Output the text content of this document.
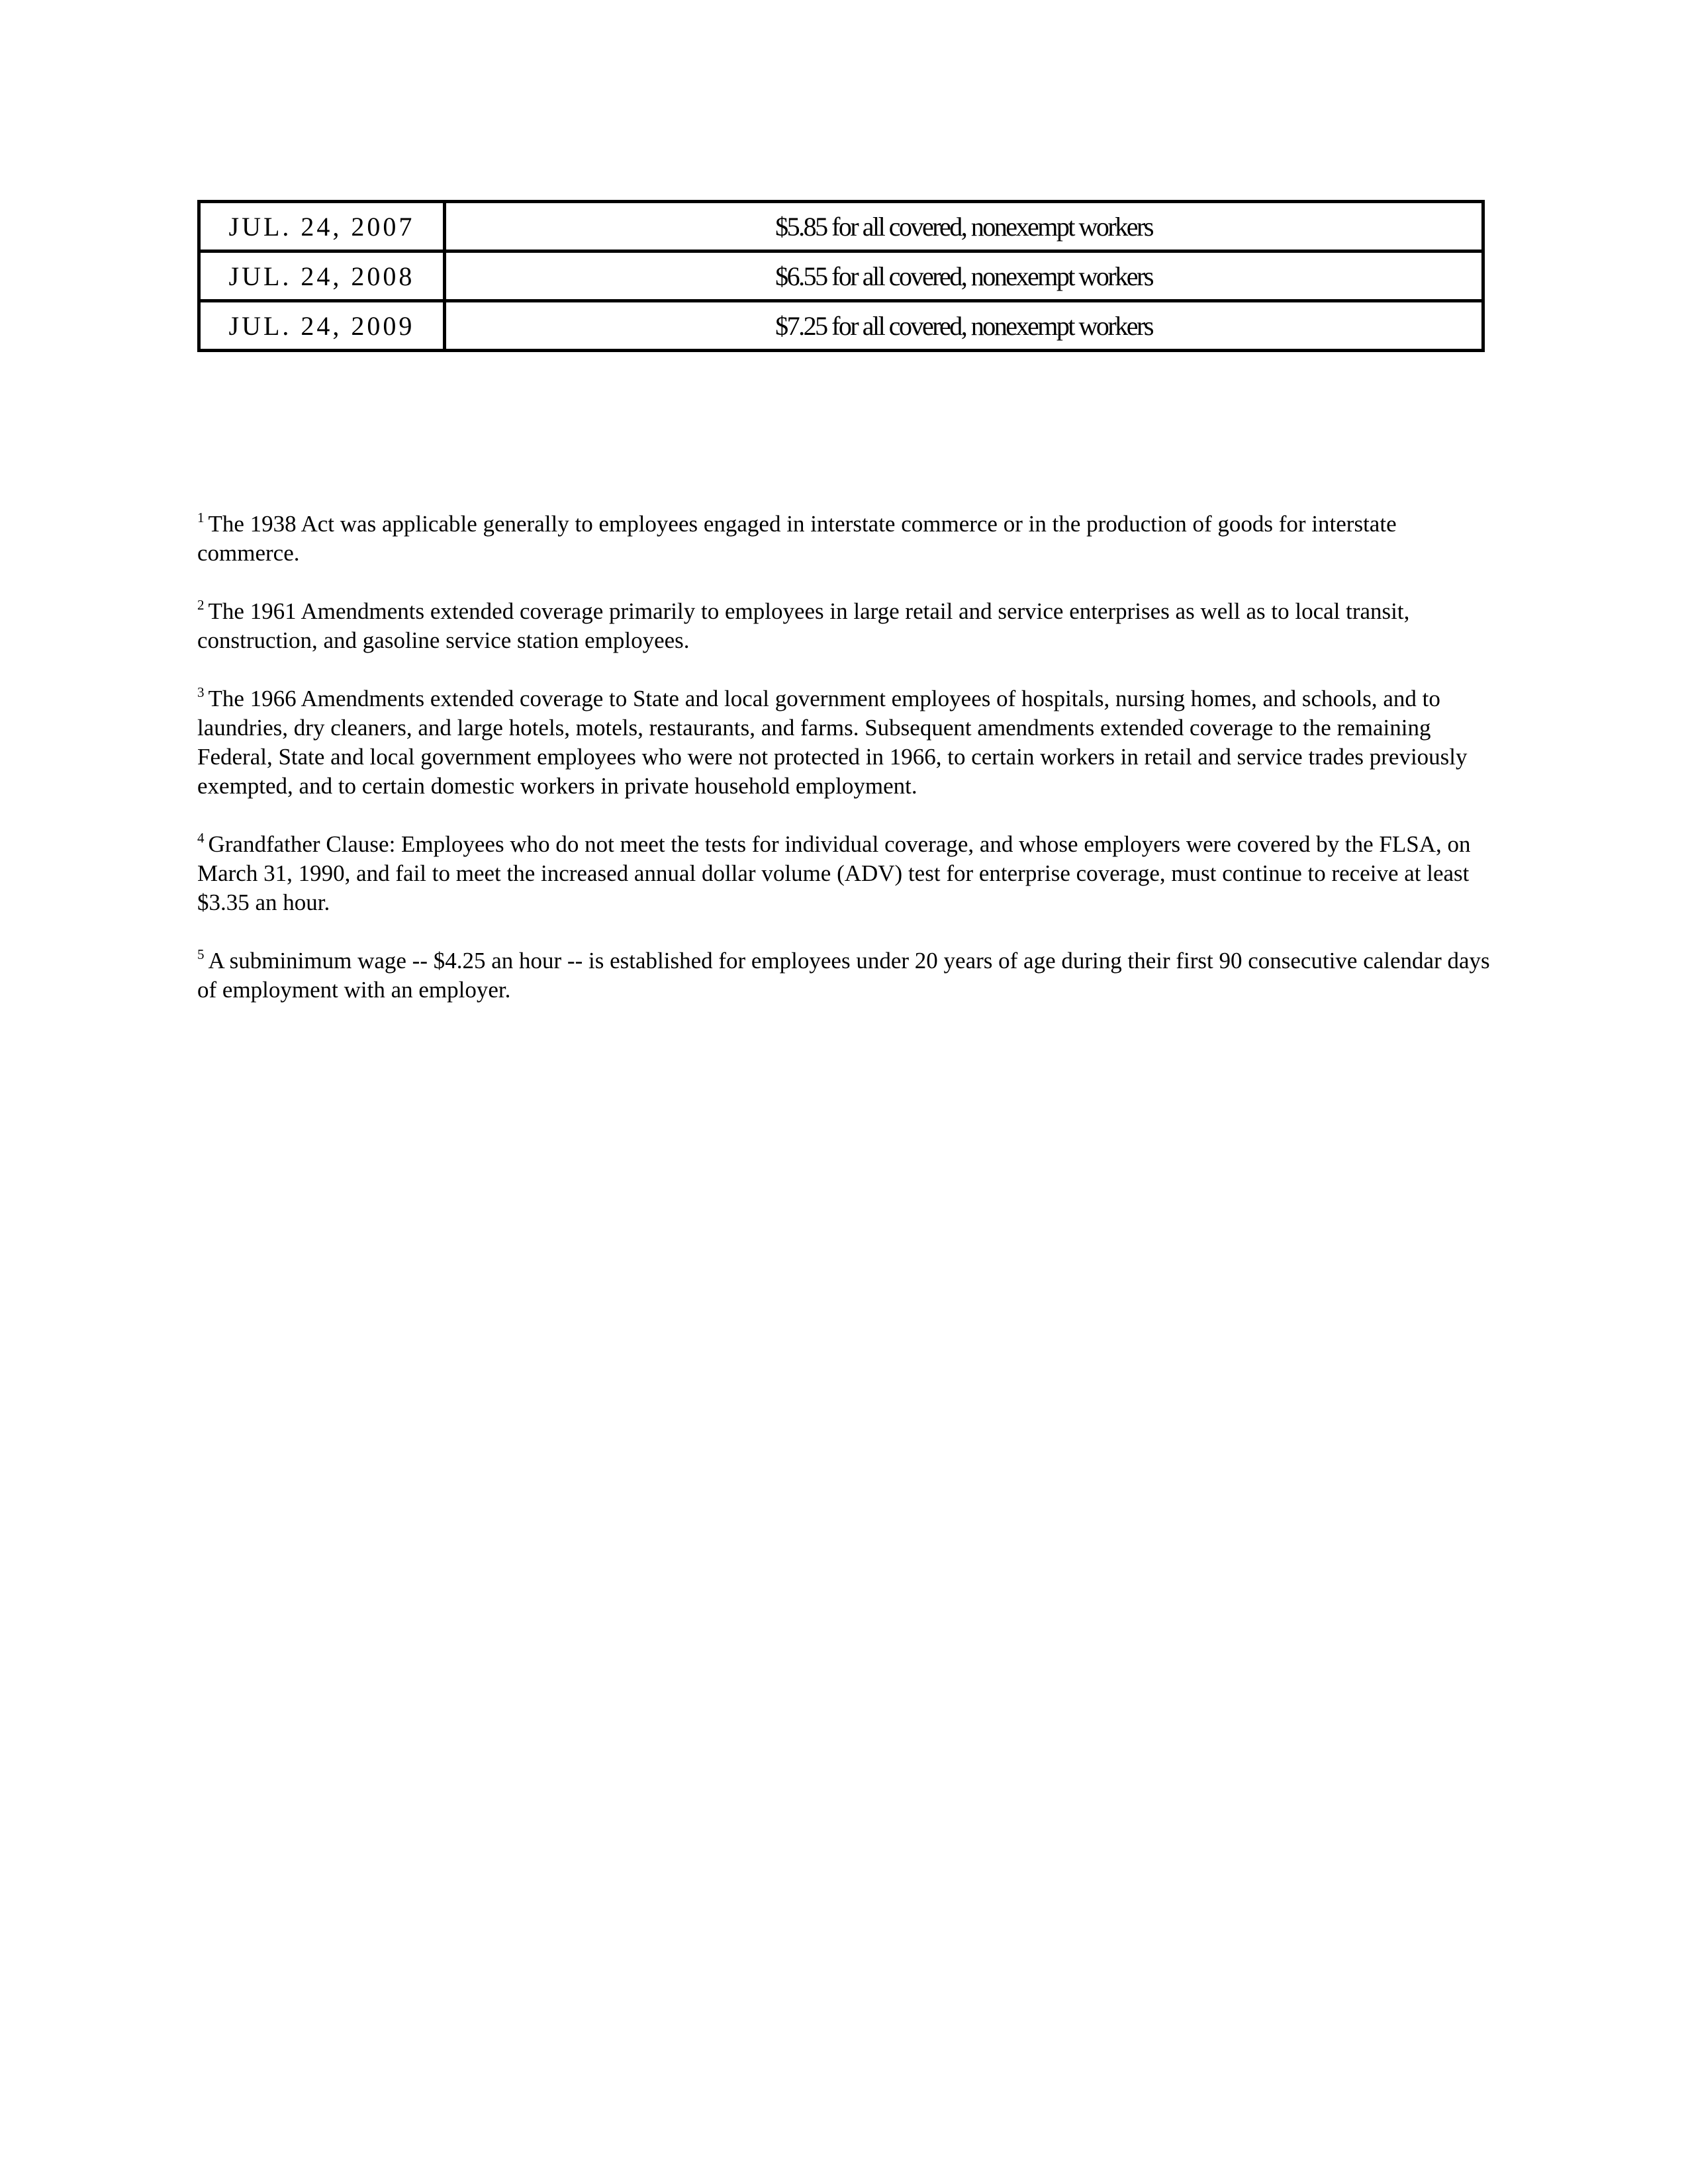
JUL. 24, 2007	$5.85 for all covered, nonexempt workers
JUL. 24, 2008	$6.55 for all covered, nonexempt workers
JUL. 24, 2009	$7.25 for all covered, nonexempt workers

$^1$ The 1938 Act was applicable generally to employees engaged in interstate commerce or in the production of goods for interstate commerce.

$^2$ The 1961 Amendments extended coverage primarily to employees in large retail and service enterprises as well as to local transit, construction, and gasoline service station employees.

$^3$ The 1966 Amendments extended coverage to State and local government employees of hospitals, nursing homes, and schools, and to laundries, dry cleaners, and large hotels, motels, restaurants, and farms. Subsequent amendments extended coverage to the remaining Federal, State and local government employees who were not protected in 1966, to certain workers in retail and service trades previously exempted, and to certain domestic workers in private household employment.

$^4$ Grandfather Clause: Employees who do not meet the tests for individual coverage, and whose employers were covered by the FLSA, on March 31, 1990, and fail to meet the increased annual dollar volume (ADV) test for enterprise coverage, must continue to receive at least $3.35 an hour.

$^5$ A subminimum wage -- $4.25 an hour -- is established for employees under 20 years of age during their first 90 consecutive calendar days of employment with an employer.
